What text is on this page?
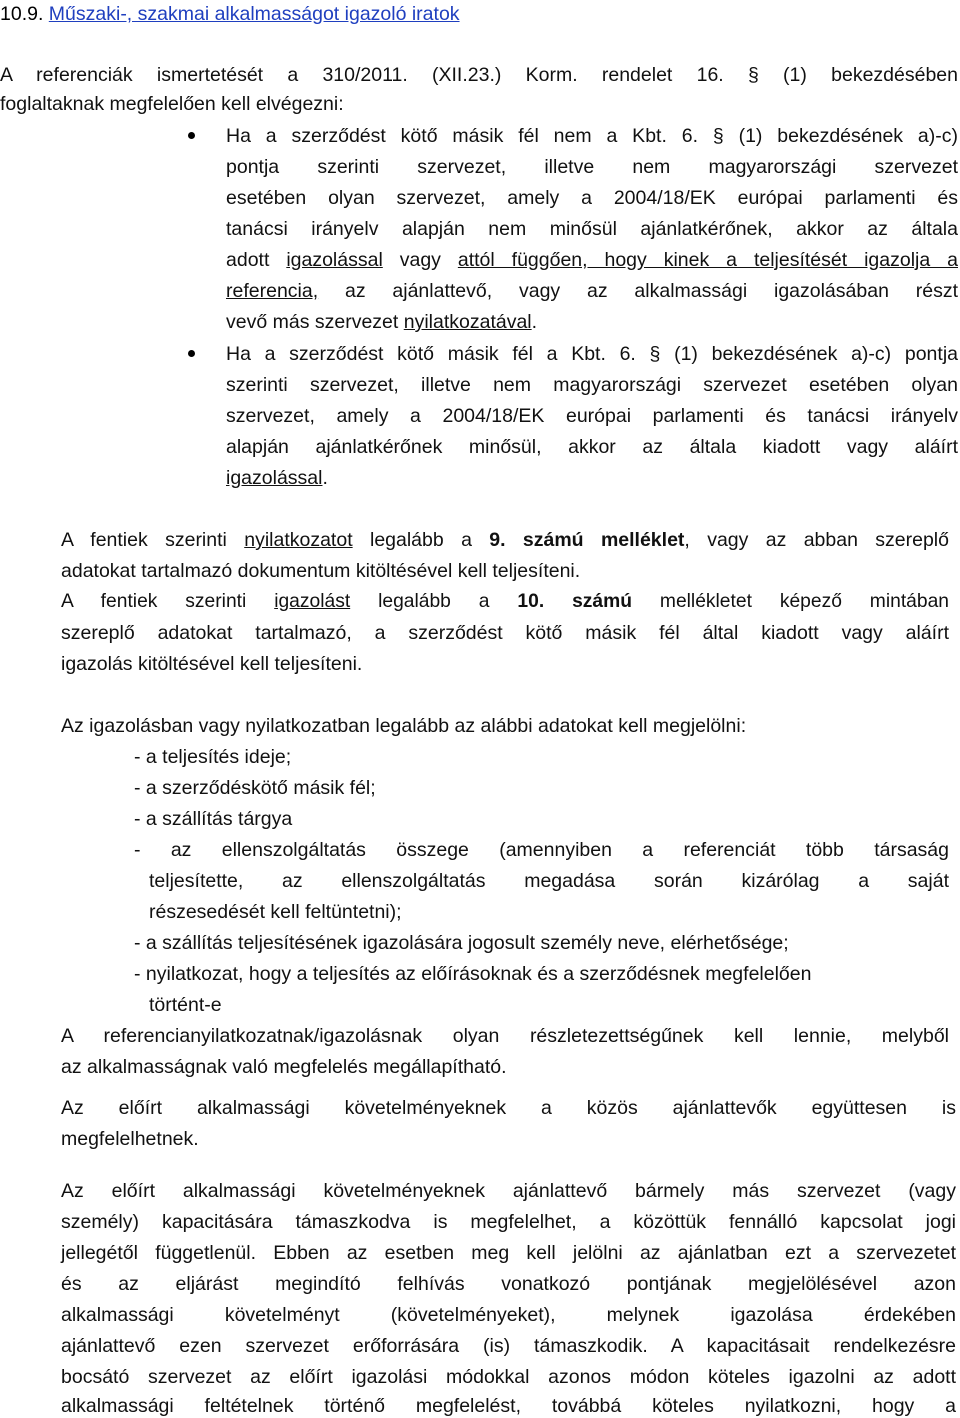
10.9. Műszaki-, szakmai alkalmasságot igazoló iratok
A referenciák ismertetését a 310/2011. (XII.23.) Korm. rendelet 16. § (1) bekezdésében
foglaltaknak megfelelően kell elvégezni:
Ha a szerződést kötő másik fél nem a Kbt. 6. § (1) bekezdésének a)-c)
pontja szerinti szervezet, illetve nem magyarországi szervezet
esetében olyan szervezet, amely a 2004/18/EK európai parlamenti és
tanácsi irányelv alapján nem minősül ajánlatkérőnek, akkor az általa
adott igazolással vagy attól függően, hogy kinek a teljesítését igazolja a
referencia, az ajánlattevő, vagy az alkalmassági igazolásában részt
vevő más szervezet nyilatkozatával.
Ha a szerződést kötő másik fél a Kbt. 6. § (1) bekezdésének a)-c) pontja
szerinti szervezet, illetve nem magyarországi szervezet esetében olyan
szervezet, amely a 2004/18/EK európai parlamenti és tanácsi irányelv
alapján ajánlatkérőnek minősül, akkor az általa kiadott vagy aláírt
igazolással.
A fentiek szerinti nyilatkozatot legalább a 9. számú melléklet, vagy az abban szereplő
adatokat tartalmazó dokumentum kitöltésével kell teljesíteni.
A fentiek szerinti igazolást legalább a 10. számú mellékletet képező mintában
szereplő adatokat tartalmazó, a szerződést kötő másik fél által kiadott vagy aláírt
igazolás kitöltésével kell teljesíteni.
Az igazolásban vagy nyilatkozatban legalább az alábbi adatokat kell megjelölni:
- a teljesítés ideje;
- a szerződéskötő másik fél;
- a szállítás tárgya
- az ellenszolgáltatás összege (amennyiben a referenciát több társaság
teljesítette, az ellenszolgáltatás megadása során kizárólag a saját
részesedését kell feltüntetni);
- a szállítás teljesítésének igazolására jogosult személy neve, elérhetősége;
- nyilatkozat, hogy a teljesítés az előírásoknak és a szerződésnek megfelelően
történt-e
A referencianyilatkozatnak/igazolásnak olyan részletezettségűnek kell lennie, melyből
az alkalmasságnak való megfelelés megállapítható.
Az előírt alkalmassági követelményeknek a közös ajánlattevők együttesen is
megfelelhetnek.
Az előírt alkalmassági követelményeknek ajánlattevő bármely más szervezet (vagy
személy) kapacitására támaszkodva is megfelelhet, a közöttük fennálló kapcsolat jogi
jellegétől függetlenül. Ebben az esetben meg kell jelölni az ajánlatban ezt a szervezetet
és az eljárást megindító felhívás vonatkozó pontjának megjelölésével azon
alkalmassági követelményt (követelményeket), melynek igazolása érdekében
ajánlattevő ezen szervezet erőforrására (is) támaszkodik. A kapacitásait rendelkezésre
bocsátó szervezet az előírt igazolási módokkal azonos módon köteles igazolni az adott
alkalmassági feltételnek történő megfelelést, továbbá köteles nyilatkozni, hogy a
